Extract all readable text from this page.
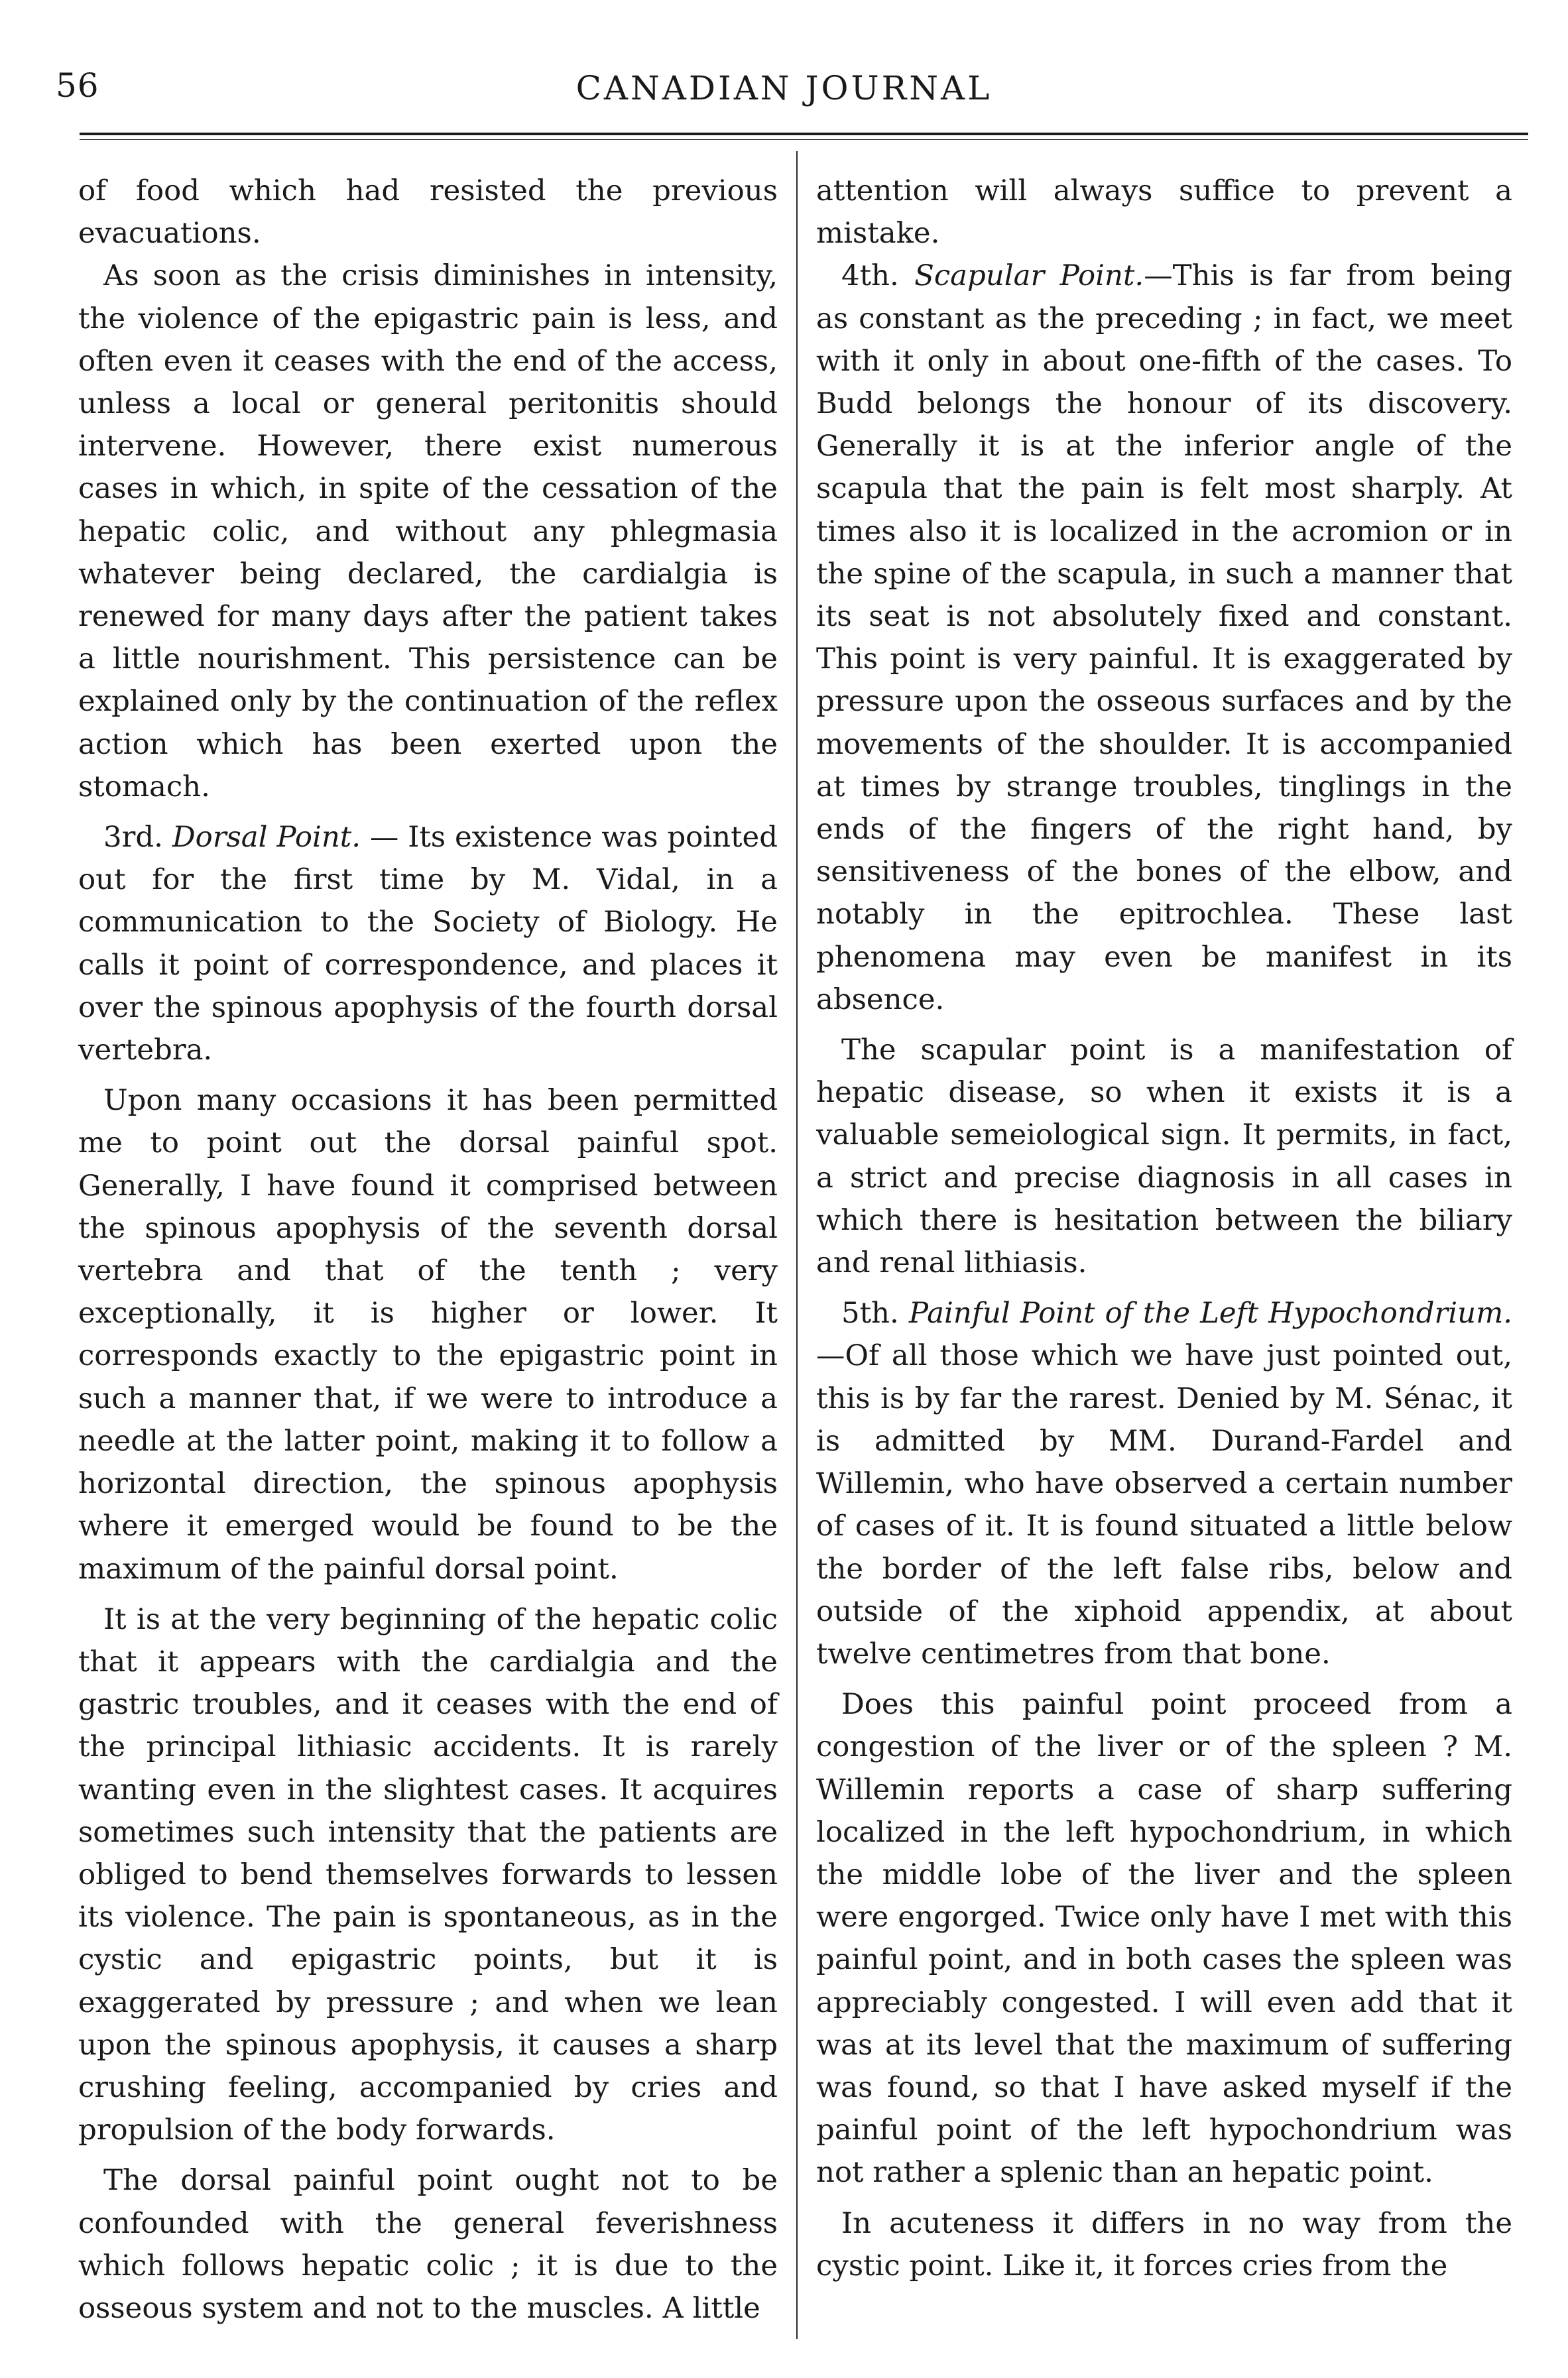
56	CANADIAN JOURNAL

of food which had resisted the previous evacuations.

As soon as the crisis diminishes in intensity, the violence of the epigastric pain is less, and often even it ceases with the end of the access, unless a local or general peritonitis should intervene. However, there exist numerous cases in which, in spite of the cessation of the hepatic colic, and without any phlegmasia whatever being declared, the cardialgia is renewed for many days after the patient takes a little nourishment. This persistence can be explained only by the continuation of the reflex action which has been exerted upon the stomach.

3rd. Dorsal Point. — Its existence was pointed out for the first time by M. Vidal, in a communication to the Society of Biology. He calls it point of correspondence, and places it over the spinous apophysis of the fourth dorsal vertebra.

Upon many occasions it has been permitted me to point out the dorsal painful spot. Generally, I have found it comprised between the spinous apophysis of the seventh dorsal vertebra and that of the tenth ; very exceptionally, it is higher or lower. It corresponds exactly to the epigastric point in such a manner that, if we were to introduce a needle at the latter point, making it to follow a horizontal direction, the spinous apophysis where it emerged would be found to be the maximum of the painful dorsal point.

It is at the very beginning of the hepatic colic that it appears with the cardialgia and the gastric troubles, and it ceases with the end of the principal lithiasic accidents. It is rarely wanting even in the slightest cases. It acquires sometimes such intensity that the patients are obliged to bend themselves forwards to lessen its violence. The pain is spontaneous, as in the cystic and epigastric points, but it is exaggerated by pressure ; and when we lean upon the spinous apophysis, it causes a sharp crushing feeling, accompanied by cries and propulsion of the body forwards.

The dorsal painful point ought not to be confounded with the general feverishness which follows hepatic colic ; it is due to the osseous system and not to the muscles. A little

attention will always suffice to prevent a mistake.

4th. Scapular Point.—This is far from being as constant as the preceding ; in fact, we meet with it only in about one-fifth of the cases. To Budd belongs the honour of its discovery. Generally it is at the inferior angle of the scapula that the pain is felt most sharply. At times also it is localized in the acromion or in the spine of the scapula, in such a manner that its seat is not absolutely fixed and constant. This point is very painful. It is exaggerated by pressure upon the osseous surfaces and by the movements of the shoulder. It is accompanied at times by strange troubles, tinglings in the ends of the fingers of the right hand, by sensitiveness of the bones of the elbow, and notably in the epitrochlea. These last phenomena may even be manifest in its absence.

The scapular point is a manifestation of hepatic disease, so when it exists it is a valuable semeiological sign. It permits, in fact, a strict and precise diagnosis in all cases in which there is hesitation between the biliary and renal lithiasis.

5th. Painful Point of the Left Hypochondrium.—Of all those which we have just pointed out, this is by far the rarest. Denied by M. Sénac, it is admitted by MM. Durand-Fardel and Willemin, who have observed a certain number of cases of it. It is found situated a little below the border of the left false ribs, below and outside of the xiphoid appendix, at about twelve centimetres from that bone.

Does this painful point proceed from a congestion of the liver or of the spleen ? M. Willemin reports a case of sharp suffering localized in the left hypochondrium, in which the middle lobe of the liver and the spleen were engorged. Twice only have I met with this painful point, and in both cases the spleen was appreciably congested. I will even add that it was at its level that the maximum of suffering was found, so that I have asked myself if the painful point of the left hypochondrium was not rather a splenic than an hepatic point.

In acuteness it differs in no way from the cystic point. Like it, it forces cries from the
